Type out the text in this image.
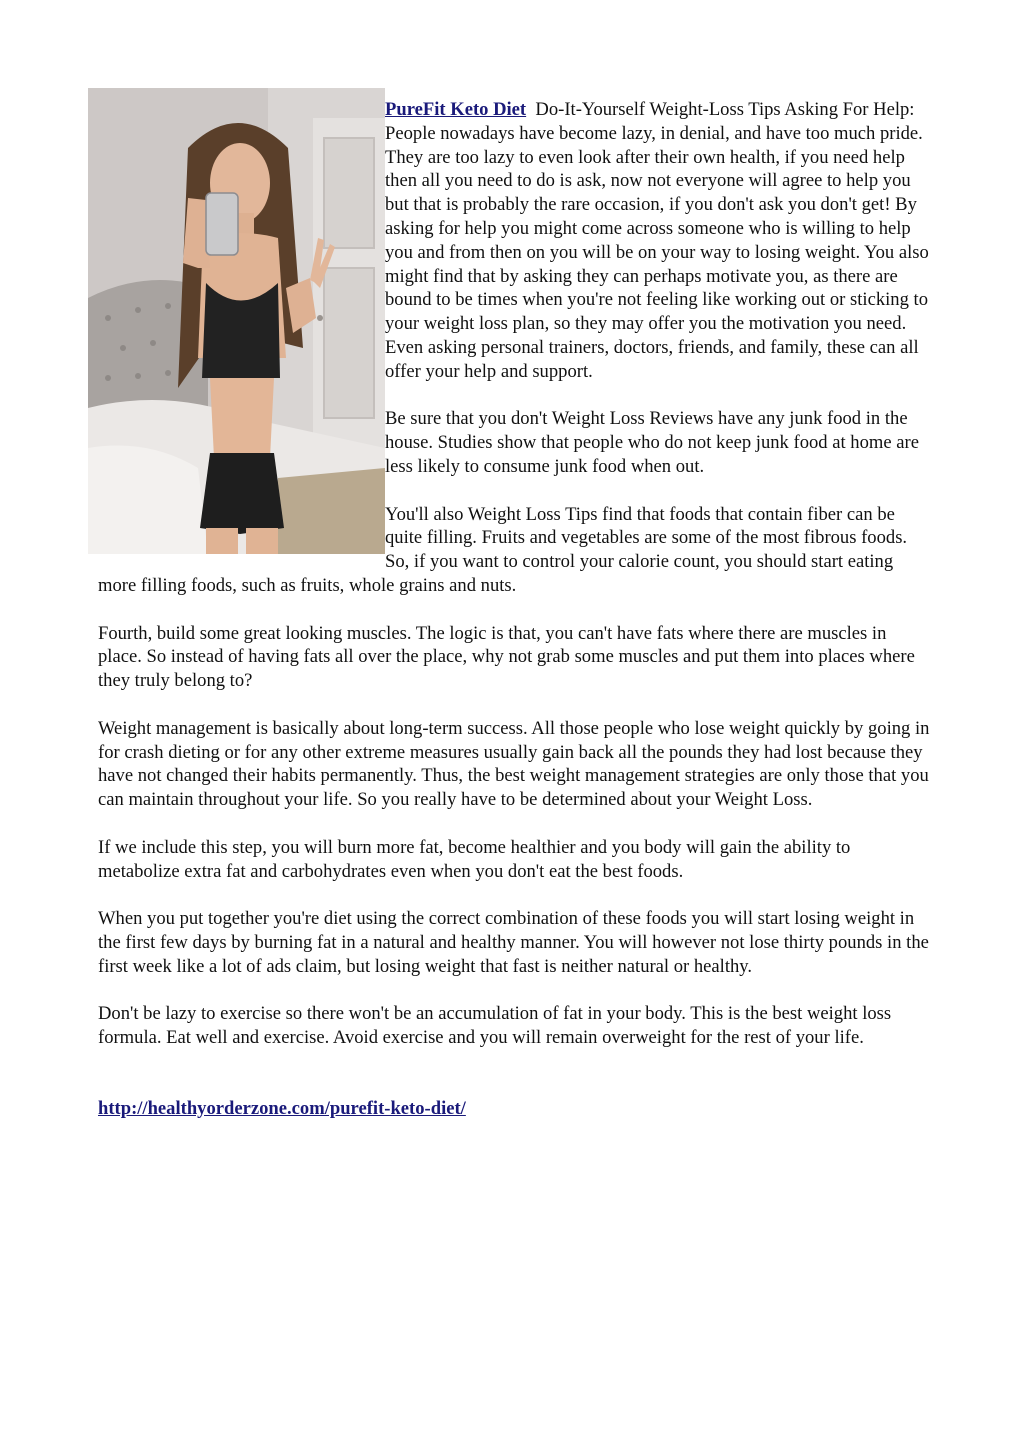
PureFit Keto Diet Do-It-Yourself Weight-Loss Tips Asking For Help: People nowadays have become lazy, in denial, and have too much pride. They are too lazy to even look after their own health, if you need help then all you need to do is ask, now not everyone will agree to help you but that is probably the rare occasion, if you don't ask you don't get! By asking for help you might come across someone who is willing to help you and from then on you will be on your way to losing weight. You also might find that by asking they can perhaps motivate you, as there are bound to be times when you're not feeling like working out or sticking to your weight loss plan, so they may offer you the motivation you need. Even asking personal trainers, doctors, friends, and family, these can all offer your help and support.

Be sure that you don't Weight Loss Reviews have any junk food in the house. Studies show that people who do not keep junk food at home are less likely to consume junk food when out.

You'll also Weight Loss Tips find that foods that contain fiber can be quite filling. Fruits and vegetables are some of the most fibrous foods. So, if you want to control your calorie count, you should start eating more filling foods, such as fruits, whole grains and nuts.

Fourth, build some great looking muscles. The logic is that, you can't have fats where there are muscles in place. So instead of having fats all over the place, why not grab some muscles and put them into places where they truly belong to?

Weight management is basically about long-term success. All those people who lose weight quickly by going in for crash dieting or for any other extreme measures usually gain back all the pounds they had lost because they have not changed their habits permanently. Thus, the best weight management strategies are only those that you can maintain throughout your life. So you really have to be determined about your Weight Loss.

If we include this step, you will burn more fat, become healthier and you body will gain the ability to metabolize extra fat and carbohydrates even when you don't eat the best foods.

When you put together you're diet using the correct combination of these foods you will start losing weight in the first few days by burning fat in a natural and healthy manner. You will however not lose thirty pounds in the first week like a lot of ads claim, but losing weight that fast is neither natural or healthy.

Don't be lazy to exercise so there won't be an accumulation of fat in your body. This is the best weight loss formula. Eat well and exercise. Avoid exercise and you will remain overweight for the rest of your life.

http://healthyorderzone.com/purefit-keto-diet/
